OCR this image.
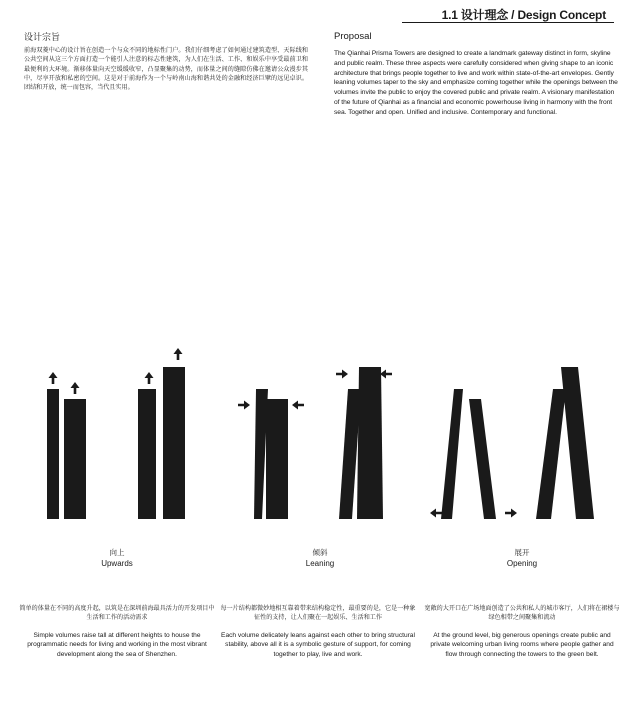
1.1 设计理念 / Design Concept
设计宗旨

前海双菱中心的设计旨在创造一个与众不同的地标性门户。我们仔细考虑了如何通过建筑造型、天际线和公共空间从这三个方面打造一个能引人注意的标志性建筑，为人们在生活、工作、和娱乐中享受最前卫和最便利的大环境。渐移体量向天空缓缓收窄，凸显聚集的动势，而体量之间的缝隙仿佛在邀请公众漫步其中，尽享开放和私密的空间。这是对于前海作为一个与岭南山海和谐共处的金融和经济巨擘的远见卓识。团结和开放，统一而包容，当代且实用。

Proposal

The Qianhai Prisma Towers are designed to create a landmark gateway distinct in form, skyline and public realm. These three aspects were carefully considered when giving shape to an iconic architecture that brings people together to live and work within state-of-the-art envelopes. Gently leaning volumes taper to the sky and emphasize coming together while the openings between the volumes invite the public to enjoy the covered public and private realm. A visionary manifestation of the future of Qianhai as a financial and economic powerhouse living in harmony with the front sea. Together and open. Unified and inclusive. Contemporary and functional.

向上
Upwards
倾斜
Leaning
展开
Opening
简单的体量在不同的高度升起，以筑是在深圳前海最具活力的开发项目中生活和工作的活动需求
Simple volumes raise tall at different heights to house the programmatic needs for living and working in the most vibrant development along the sea of Shenzhen.
每一片结构都微妙地相互靠着带来结构稳定性，最重要的是，它是一种象征性的支持，让人们聚在一起娱乐、生活和工作
Each volume delicately leans against each other to bring structural stability, above all it is a symbolic gesture of support, for coming together to play, live and work.
宽敞的大开口在广场地面创造了公共和私人的城市客厅，人们将在裙楼与绿色相带之间聚集和流动
At the ground level, big generous openings create public and private welcoming urban living rooms where people gather and flow through connecting the towers to the green belt.
